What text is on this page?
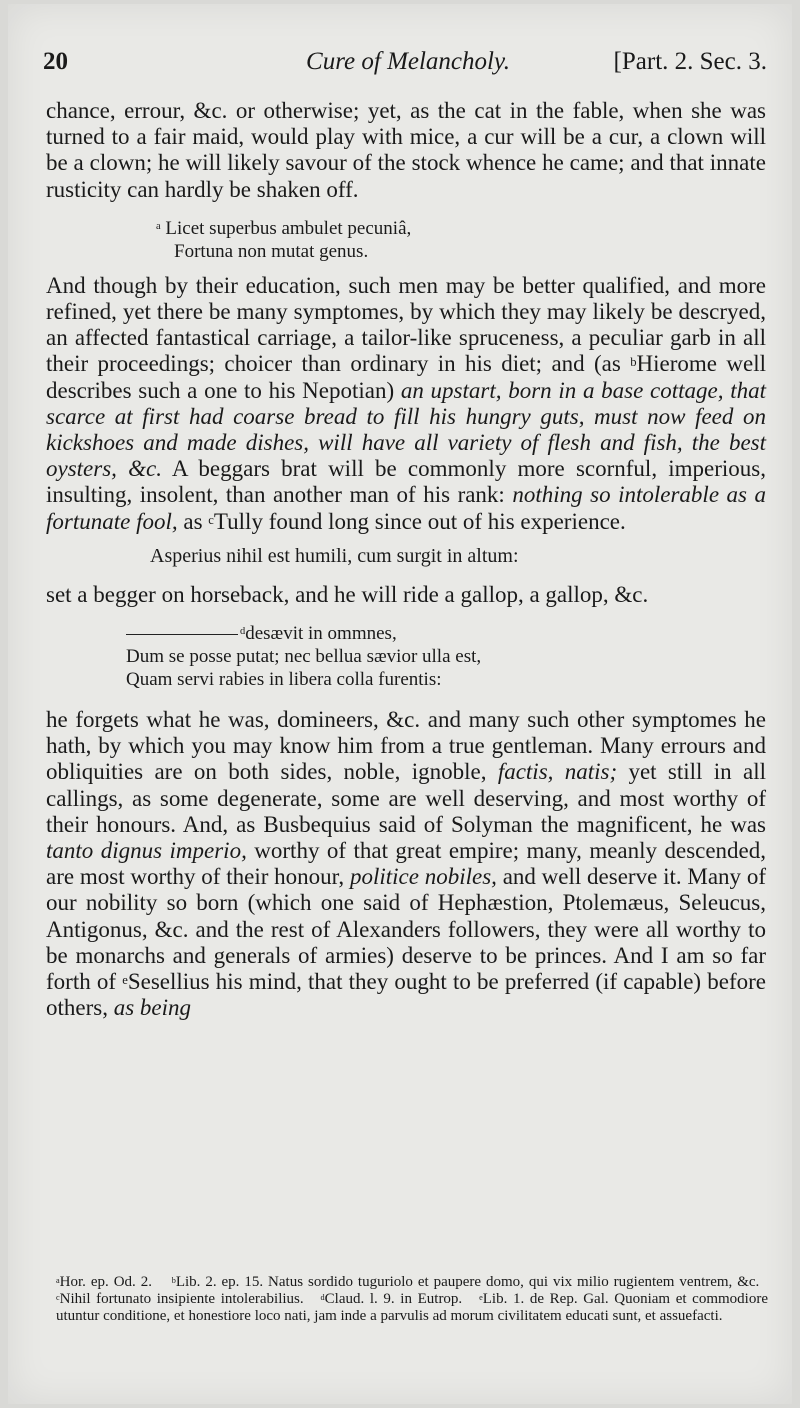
20	Cure of Melancholy.	[Part. 2. Sec. 3.

chance, errour, &c. or otherwise; yet, as the cat in the fable, when she was turned to a fair maid, would play with mice, a cur will be a cur, a clown will be a clown; he will likely savour of the stock whence he came; and that innate rusticity can hardly be shaken off.

$^a$ Licet superbus ambulet pecuniâ,
Fortuna non mutat genus.

And though by their education, such men may be better qualified, and more refined, yet there be many symptomes, by which they may likely be descryed, an affected fantastical carriage, a tailor-like spruceness, a peculiar garb in all their proceedings; choicer than ordinary in his diet; and (as $^b$Hierome well describes such a one to his Nepotian) an upstart, born in a base cottage, that scarce at first had coarse bread to fill his hungry guts, must now feed on kickshoes and made dishes, will have all variety of flesh and fish, the best oysters, &c. A beggars brat will be commonly more scornful, imperious, insulting, insolent, than another man of his rank: nothing so intolerable as a fortunate fool, as $^c$Tully found long since out of his experience.

Asperius nihil est humili, cum surgit in altum:

set a begger on horseback, and he will ride a gallop, a gallop, &c.

$^d$desævit in ommnes,
Dum se posse putat; nec bellua sævior ulla est,
Quam servi rabies in libera colla furentis:

he forgets what he was, domineers, &c. and many such other symptomes he hath, by which you may know him from a true gentleman. Many errours and obliquities are on both sides, noble, ignoble, factis, natis; yet still in all callings, as some degenerate, some are well deserving, and most worthy of their honours. And, as Busbequius said of Solyman the magnificent, he was tanto dignus imperio, worthy of that great empire; many, meanly descended, are most worthy of their honour, politice nobiles, and well deserve it. Many of our nobility so born (which one said of Hephæstion, Ptolemæus, Seleucus, Antigonus, &c. and the rest of Alexanders followers, they were all worthy to be monarchs and generals of armies) deserve to be princes. And I am so far forth of $^e$Sesellius his mind, that they ought to be preferred (if capable) before others, as being

$^a$Hor. ep. Od. 2. $^b$Lib. 2. ep. 15. Natus sordido tuguriolo et paupere domo, qui vix milio rugientem ventrem, &c.   $^c$Nihil fortunato insipiente intolerabilius. $^d$Claud. l. 9. in Eutrop. $^e$Lib. 1. de Rep. Gal. Quoniam et commodiore utuntur conditione, et honestiore loco nati, jam inde a parvulis ad morum civilitatem educati sunt, et assuefacti.
